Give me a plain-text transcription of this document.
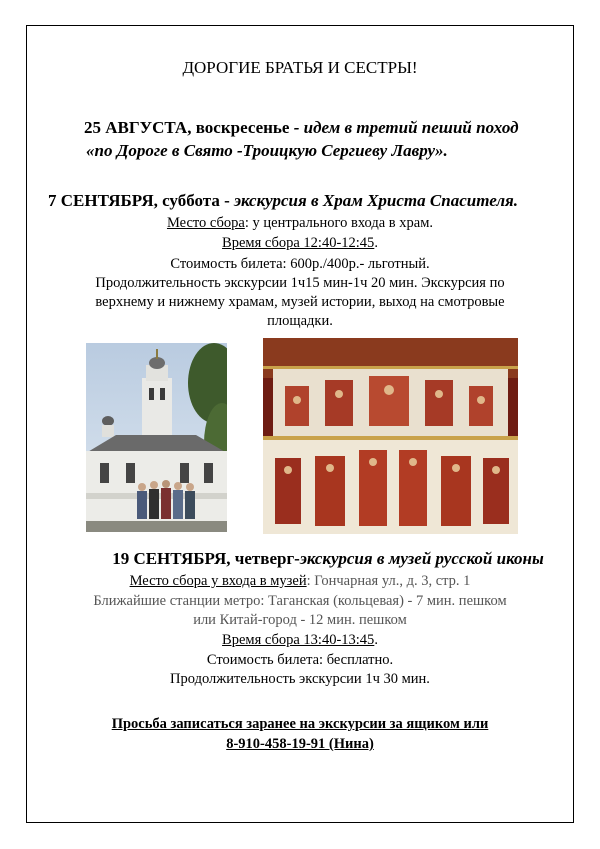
ДОРОГИЕ БРАТЬЯ И СЕСТРЫ!
25 АВГУСТА, воскресенье - идем в третий пеший поход
«по Дороге в Свято -Троицкую Сергиеву Лавру».
7 СЕНТЯБРЯ, суббота - экскурсия в Храм Христа Спасителя.
Место сбора: у центрального входа в храм.
Время сбора 12:40-12:45.
Стоимость билета: 600р./400р.- льготный.
Продолжительность экскурсии 1ч15 мин-1ч 20 мин. Экскурсия по
верхнему и нижнему храмам, музей истории, выход на смотровые
площадки.
19 СЕНТЯБРЯ, четверг-экскурсия в музей русской иконы
Место сбора у входа в музей: Гончарная ул., д. 3, стр. 1
Ближайшие станции метро: Таганская (кольцевая) - 7 мин. пешком
или Китай-город - 12 мин. пешком
Время сбора 13:40-13:45.
Стоимость билета: бесплатно.
Продолжительность экскурсии 1ч 30 мин.
Просьба записаться заранее на экскурсии за ящиком или
8-910-458-19-91 (Нина)
